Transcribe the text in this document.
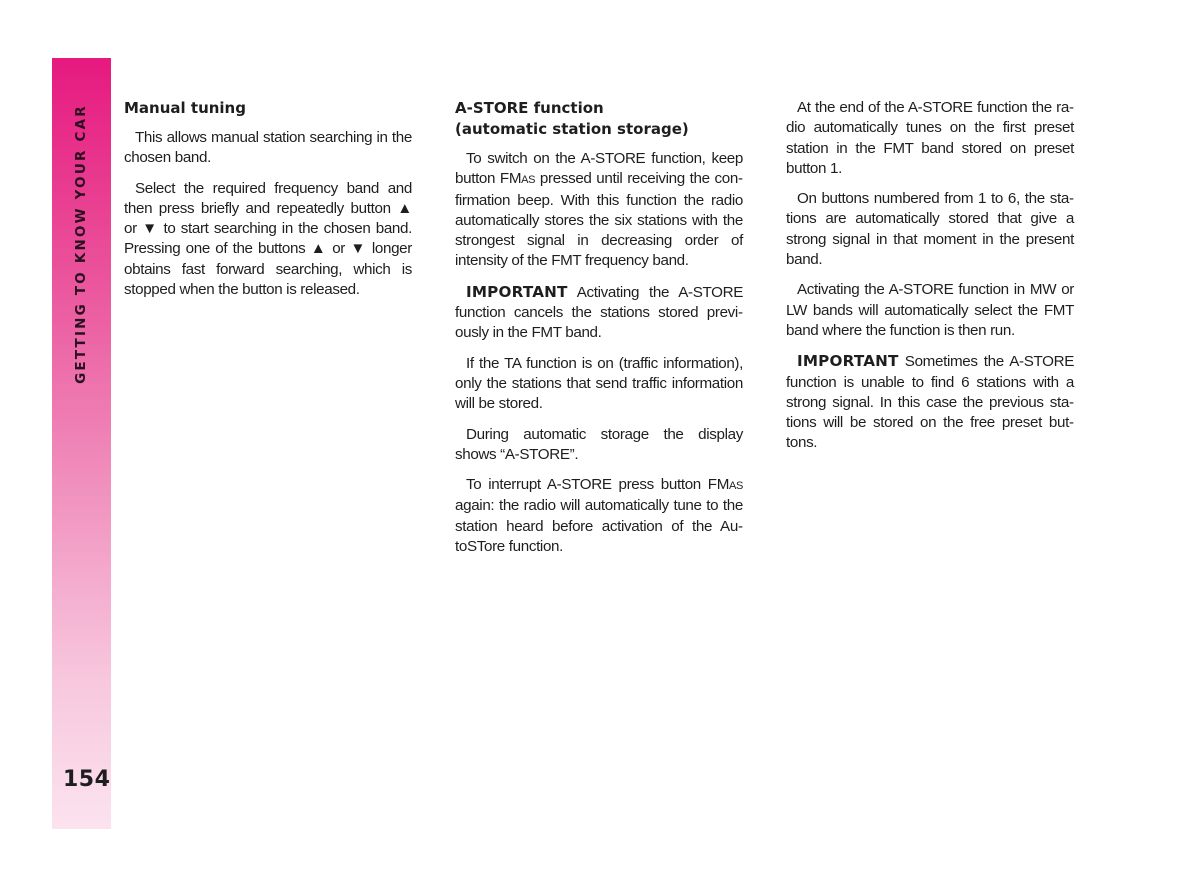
GETTING TO KNOW YOUR CAR
154
Manual tuning

This allows manual station searching in the chosen band.

Select the required frequency band and then press briefly and repeatedly button ▲ or ▼ to start searching in the chosen band. Pressing one of the buttons ▲ or ▼ longer obtains fast forward searching, which is stopped when the button is released.

A-STORE function
(automatic station storage)

To switch on the A-STORE function, keep button FMAS pressed until receiving the confirmation beep. With this function the radio automatically stores the six stations with the strongest signal in decreasing order of intensity of the FMT frequency band.

IMPORTANT Activating the A-STORE function cancels the stations stored previously in the FMT band.

If the TA function is on (traffic information), only the stations that send traffic information will be stored.

During automatic storage the display shows “A-STORE”.

To interrupt A-STORE press button FMAS again: the radio will automatically tune to the station heard before activation of the AutoSTore function.

At the end of the A-STORE function the radio automatically tunes on the first preset station in the FMT band stored on preset button 1.

On buttons numbered from 1 to 6, the stations are automatically stored that give a strong signal in that moment in the present band.

Activating the A-STORE function in MW or LW bands will automatically select the FMT band where the function is then run.

IMPORTANT Sometimes the A-STORE function is unable to find 6 stations with a strong signal. In this case the previous stations will be stored on the free preset buttons.
